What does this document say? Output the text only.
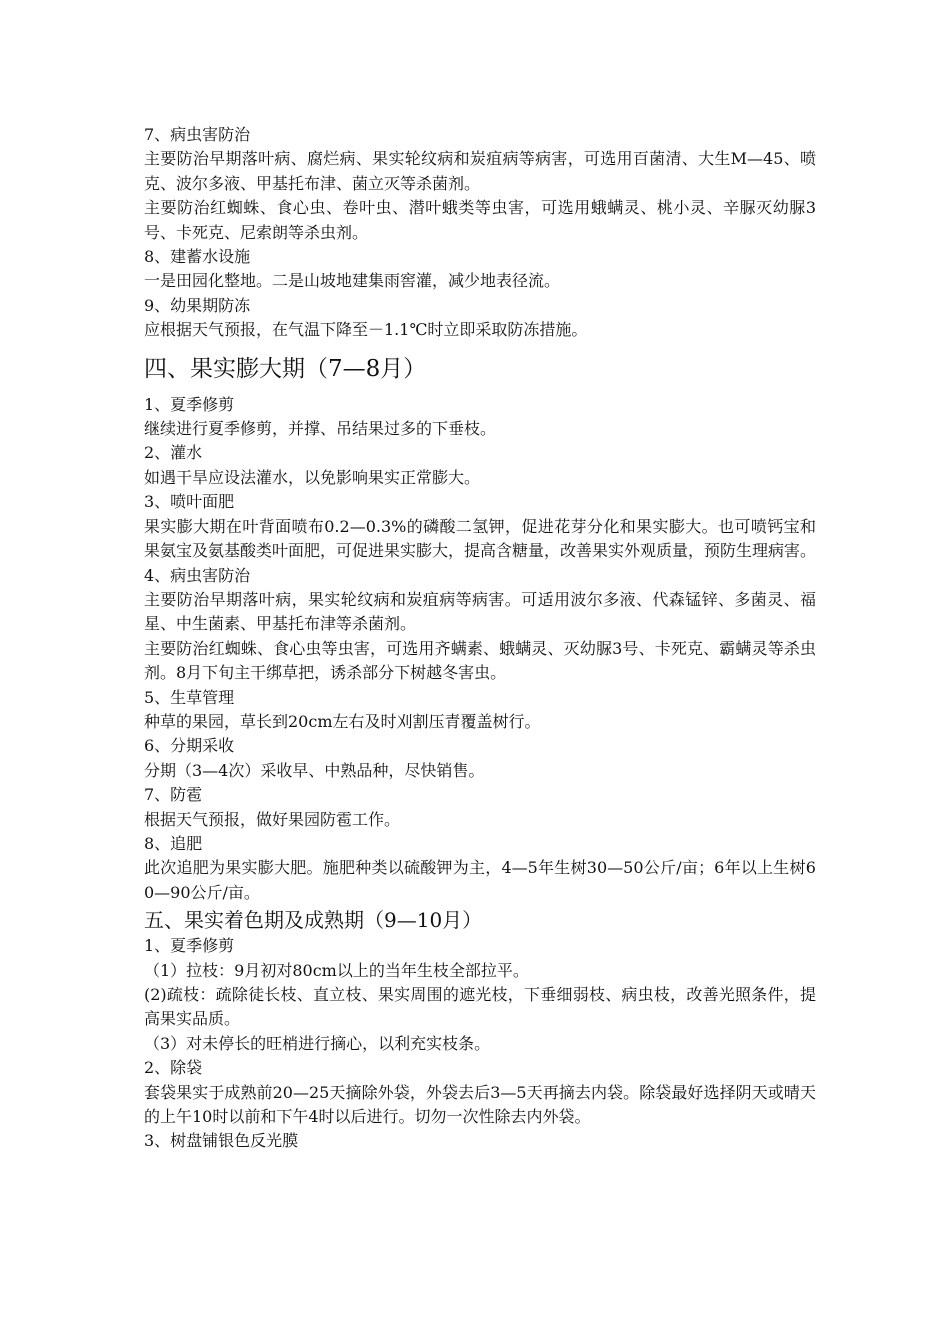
7、病虫害防治
主要防治早期落叶病、腐烂病、果实轮纹病和炭疽病等病害，可选用百菌清、大生M—45、喷克、波尔多液、甲基托布津、菌立灭等杀菌剂。
主要防治红蜘蛛、食心虫、卷叶虫、潜叶蛾类等虫害，可选用蛾螨灵、桃小灵、辛脲灭幼脲3号、卡死克、尼索朗等杀虫剂。
8、建蓄水设施
一是田园化整地。二是山坡地建集雨窖灌，减少地表径流。
9、幼果期防冻
应根据天气预报，在气温下降至－1.1℃时立即采取防冻措施。
四、果实膨大期（7—8月）
1、夏季修剪
继续进行夏季修剪，并撑、吊结果过多的下垂枝。
2、灌水
如遇干旱应设法灌水，以免影响果实正常膨大。
3、喷叶面肥
果实膨大期在叶背面喷布0.2—0.3%的磷酸二氢钾，促进花芽分化和果实膨大。也可喷钙宝和果氨宝及氨基酸类叶面肥，可促进果实膨大，提高含糖量，改善果实外观质量，预防生理病害。
4、病虫害防治
主要防治早期落叶病，果实轮纹病和炭疽病等病害。可适用波尔多液、代森锰锌、多菌灵、福星、中生菌素、甲基托布津等杀菌剂。
主要防治红蜘蛛、食心虫等虫害，可选用齐螨素、蛾螨灵、灭幼脲3号、卡死克、霸螨灵等杀虫剂。8月下旬主干绑草把，诱杀部分下树越冬害虫。
5、生草管理
种草的果园，草长到20cm左右及时刈割压青覆盖树行。
6、分期采收
分期（3—4次）采收早、中熟品种，尽快销售。
7、防雹
根据天气预报，做好果园防雹工作。
8、追肥
此次追肥为果实膨大肥。施肥种类以硫酸钾为主，4—5年生树30—50公斤/亩；6年以上生树60—90公斤/亩。
五、果实着色期及成熟期（9—10月）
1、夏季修剪
（1）拉枝：9月初对80cm以上的当年生枝全部拉平。
(2)疏枝：疏除徒长枝、直立枝、果实周围的遮光枝，下垂细弱枝、病虫枝，改善光照条件，提高果实品质。
（3）对未停长的旺梢进行摘心，以利充实枝条。
2、除袋
套袋果实于成熟前20—25天摘除外袋，外袋去后3—5天再摘去内袋。除袋最好选择阴天或晴天的上午10时以前和下午4时以后进行。切勿一次性除去内外袋。
3、树盘铺银色反光膜
